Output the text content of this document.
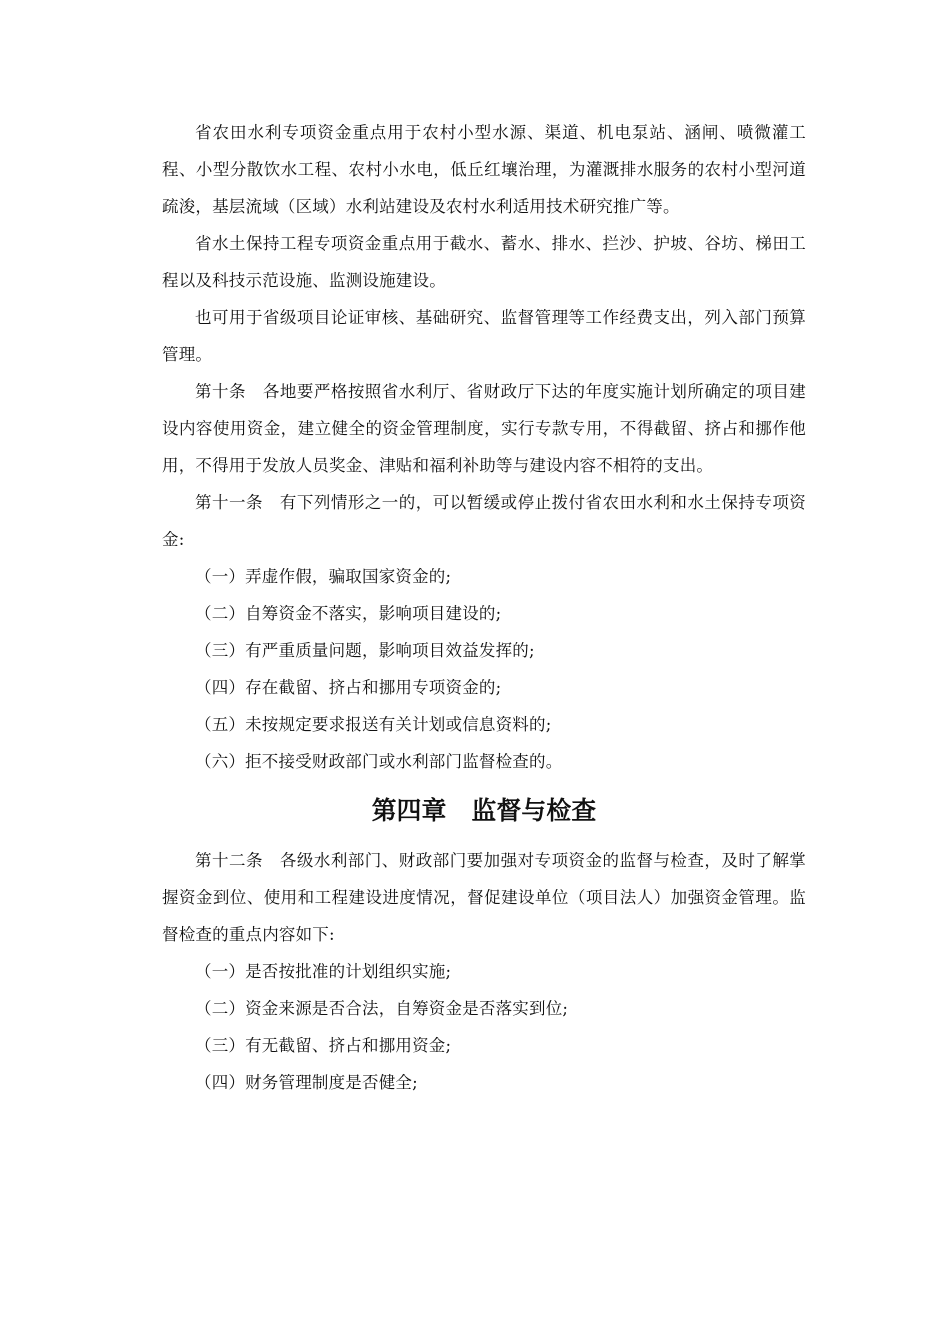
省农田水利专项资金重点用于农村小型水源、渠道、机电泵站、涵闸、喷微灌工程、小型分散饮水工程、农村小水电，低丘红壤治理，为灌溉排水服务的农村小型河道疏浚，基层流域（区域）水利站建设及农村水利适用技术研究推广等。

省水土保持工程专项资金重点用于截水、蓄水、排水、拦沙、护坡、谷坊、梯田工程以及科技示范设施、监测设施建设。

也可用于省级项目论证审核、基础研究、监督管理等工作经费支出，列入部门预算管理。

第十条　各地要严格按照省水利厅、省财政厅下达的年度实施计划所确定的项目建设内容使用资金，建立健全的资金管理制度，实行专款专用，不得截留、挤占和挪作他用，不得用于发放人员奖金、津贴和福利补助等与建设内容不相符的支出。

第十一条　有下列情形之一的，可以暂缓或停止拨付省农田水利和水土保持专项资金:

（一）弄虚作假，骗取国家资金的;

（二）自筹资金不落实，影响项目建设的;

（三）有严重质量问题，影响项目效益发挥的;

（四）存在截留、挤占和挪用专项资金的;

（五）未按规定要求报送有关计划或信息资料的;

（六）拒不接受财政部门或水利部门监督检查的。

第四章　监督与检查

第十二条　各级水利部门、财政部门要加强对专项资金的监督与检查，及时了解掌握资金到位、使用和工程建设进度情况，督促建设单位（项目法人）加强资金管理。监督检查的重点内容如下:

（一）是否按批准的计划组织实施;

（二）资金来源是否合法，自筹资金是否落实到位;

（三）有无截留、挤占和挪用资金;

（四）财务管理制度是否健全;
